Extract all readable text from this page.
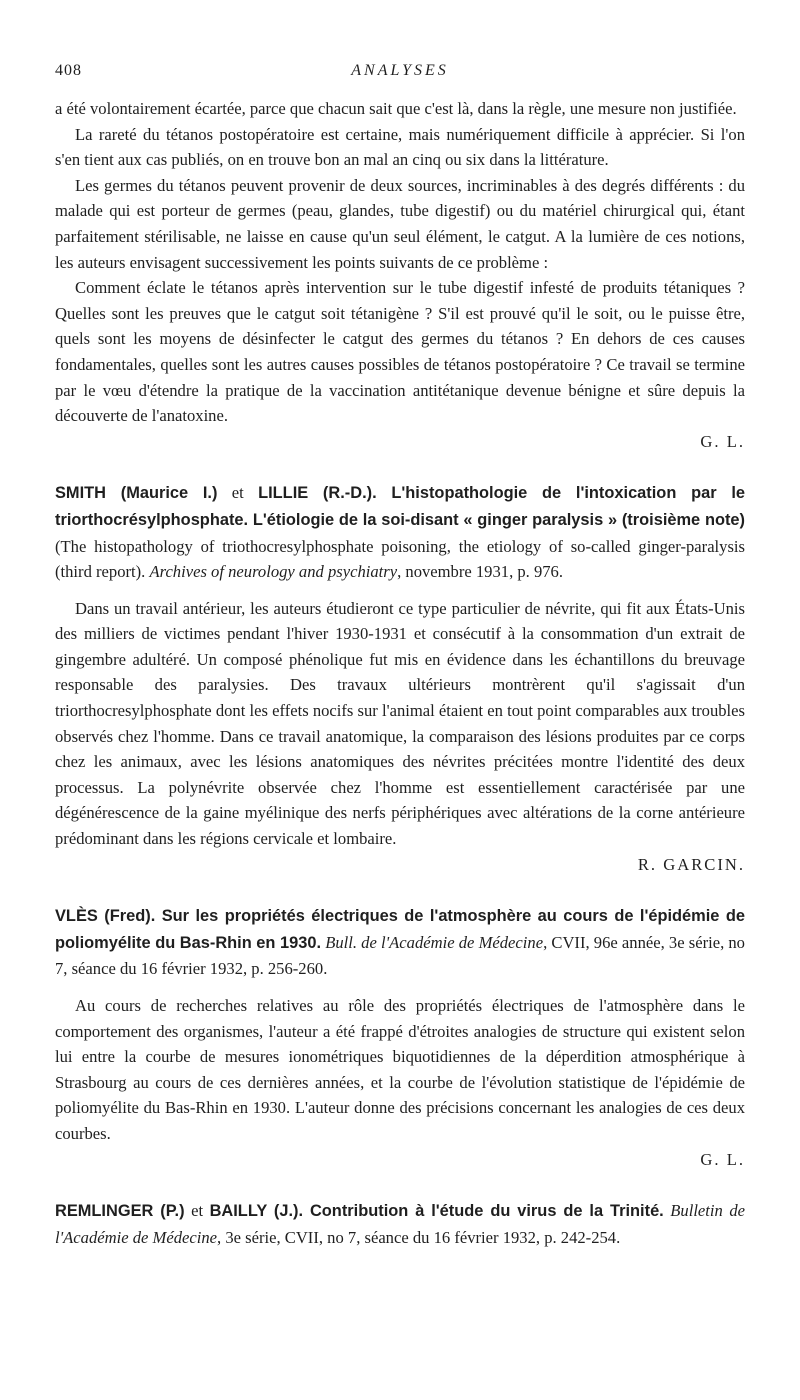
408	ANALYSES

a été volontairement écartée, parce que chacun sait que c'est là, dans la règle, une mesure non justifiée.

La rareté du tétanos postopératoire est certaine, mais numériquement difficile à apprécier. Si l'on s'en tient aux cas publiés, on en trouve bon an mal an cinq ou six dans la littérature.

Les germes du tétanos peuvent provenir de deux sources, incriminables à des degrés différents : du malade qui est porteur de germes (peau, glandes, tube digestif) ou du matériel chirurgical qui, étant parfaitement stérilisable, ne laisse en cause qu'un seul élément, le catgut. A la lumière de ces notions, les auteurs envisagent successivement les points suivants de ce problème :

Comment éclate le tétanos après intervention sur le tube digestif infesté de produits tétaniques ? Quelles sont les preuves que le catgut soit tétanigène ? S'il est prouvé qu'il le soit, ou le puisse être, quels sont les moyens de désinfecter le catgut des germes du tétanos ? En dehors de ces causes fondamentales, quelles sont les autres causes possibles de tétanos postopératoire ? Ce travail se termine par le vœu d'étendre la pratique de la vaccination antitétanique devenue bénigne et sûre depuis la découverte de l'anatoxine.

G. L.

SMITH (Maurice I.) et LILLIE (R.-D.). L'histopathologie de l'intoxication par le triorthocrésylphosphate. L'étiologie de la soi-disant « ginger paralysis » (troisième note) (The histopathology of triothocresylphosphate poisoning, the etiology of so-called ginger-paralysis (third report). Archives of neurology and psychiatry, novembre 1931, p. 976.

Dans un travail antérieur, les auteurs étudieront ce type particulier de névrite, qui fit aux États-Unis des milliers de victimes pendant l'hiver 1930-1931 et consécutif à la consommation d'un extrait de gingembre adultéré. Un composé phénolique fut mis en évidence dans les échantillons du breuvage responsable des paralysies. Des travaux ultérieurs montrèrent qu'il s'agissait d'un triorthocresylphosphate dont les effets nocifs sur l'animal étaient en tout point comparables aux troubles observés chez l'homme. Dans ce travail anatomique, la comparaison des lésions produites par ce corps chez les animaux, avec les lésions anatomiques des névrites précitées montre l'identité des deux processus. La polynévrite observée chez l'homme est essentiellement caractérisée par une dégénérescence de la gaine myélinique des nerfs périphériques avec altérations de la corne antérieure prédominant dans les régions cervicale et lombaire.

R. GARCIN.

VLÈS (Fred). Sur les propriétés électriques de l'atmosphère au cours de l'épidémie de poliomyélite du Bas-Rhin en 1930. Bull. de l'Académie de Médecine, CVII, 96e année, 3e série, no 7, séance du 16 février 1932, p. 256-260.

Au cours de recherches relatives au rôle des propriétés électriques de l'atmosphère dans le comportement des organismes, l'auteur a été frappé d'étroites analogies de structure qui existent selon lui entre la courbe de mesures ionométriques biquotidiennes de la déperdition atmosphérique à Strasbourg au cours de ces dernières années, et la courbe de l'évolution statistique de l'épidémie de poliomyélite du Bas-Rhin en 1930. L'auteur donne des précisions concernant les analogies de ces deux courbes.

G. L.

REMLINGER (P.) et BAILLY (J.). Contribution à l'étude du virus de la Trinité. Bulletin de l'Académie de Médecine, 3e série, CVII, no 7, séance du 16 février 1932, p. 242-254.
